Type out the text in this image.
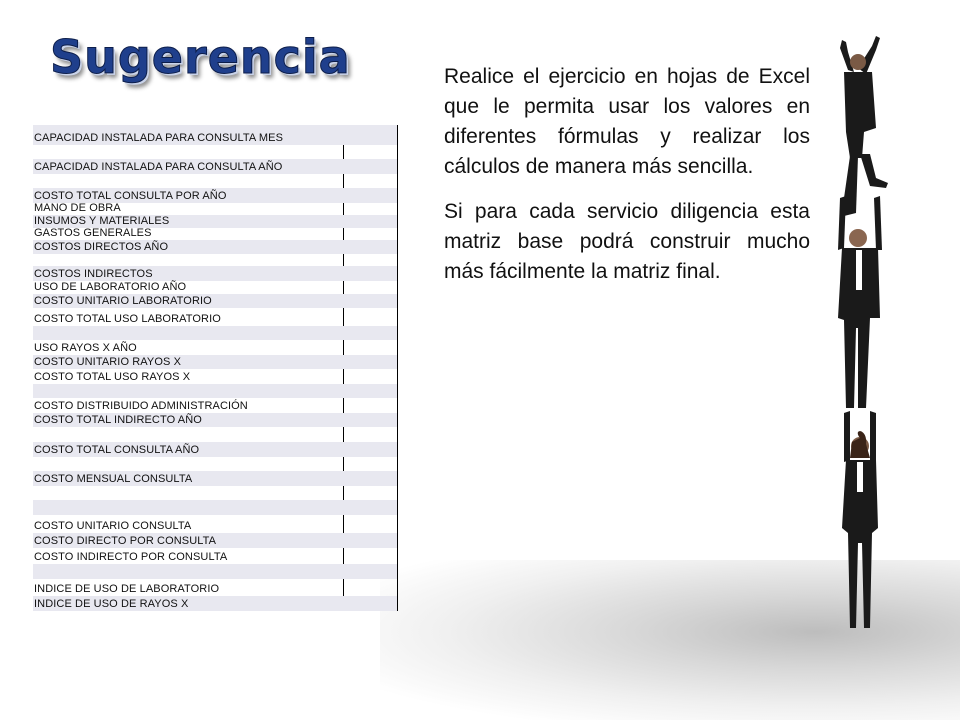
Sugerencia
CAPACIDAD INSTALADA PARA CONSULTA MES
CAPACIDAD INSTALADA PARA CONSULTA AÑO
COSTO TOTAL CONSULTA POR AÑO
MANO DE OBRA
INSUMOS Y MATERIALES
GASTOS GENERALES
COSTOS DIRECTOS AÑO
COSTOS INDIRECTOS
USO DE LABORATORIO AÑO
COSTO UNITARIO LABORATORIO
COSTO TOTAL USO LABORATORIO
USO RAYOS X AÑO
COSTO UNITARIO RAYOS X
COSTO TOTAL USO RAYOS X
COSTO DISTRIBUIDO ADMINISTRACIÓN
COSTO TOTAL INDIRECTO AÑO
COSTO TOTAL CONSULTA AÑO
COSTO MENSUAL CONSULTA
COSTO UNITARIO CONSULTA
COSTO DIRECTO POR CONSULTA
COSTO INDIRECTO POR CONSULTA
INDICE DE USO DE LABORATORIO
INDICE DE USO DE RAYOS X

Realice el ejercicio en hojas de Excel que le permita usar los valores en diferentes fórmulas y realizar los cálculos de manera más sencilla.

Si para cada servicio diligencia esta matriz base podrá construir mucho más fácilmente la matriz final.
